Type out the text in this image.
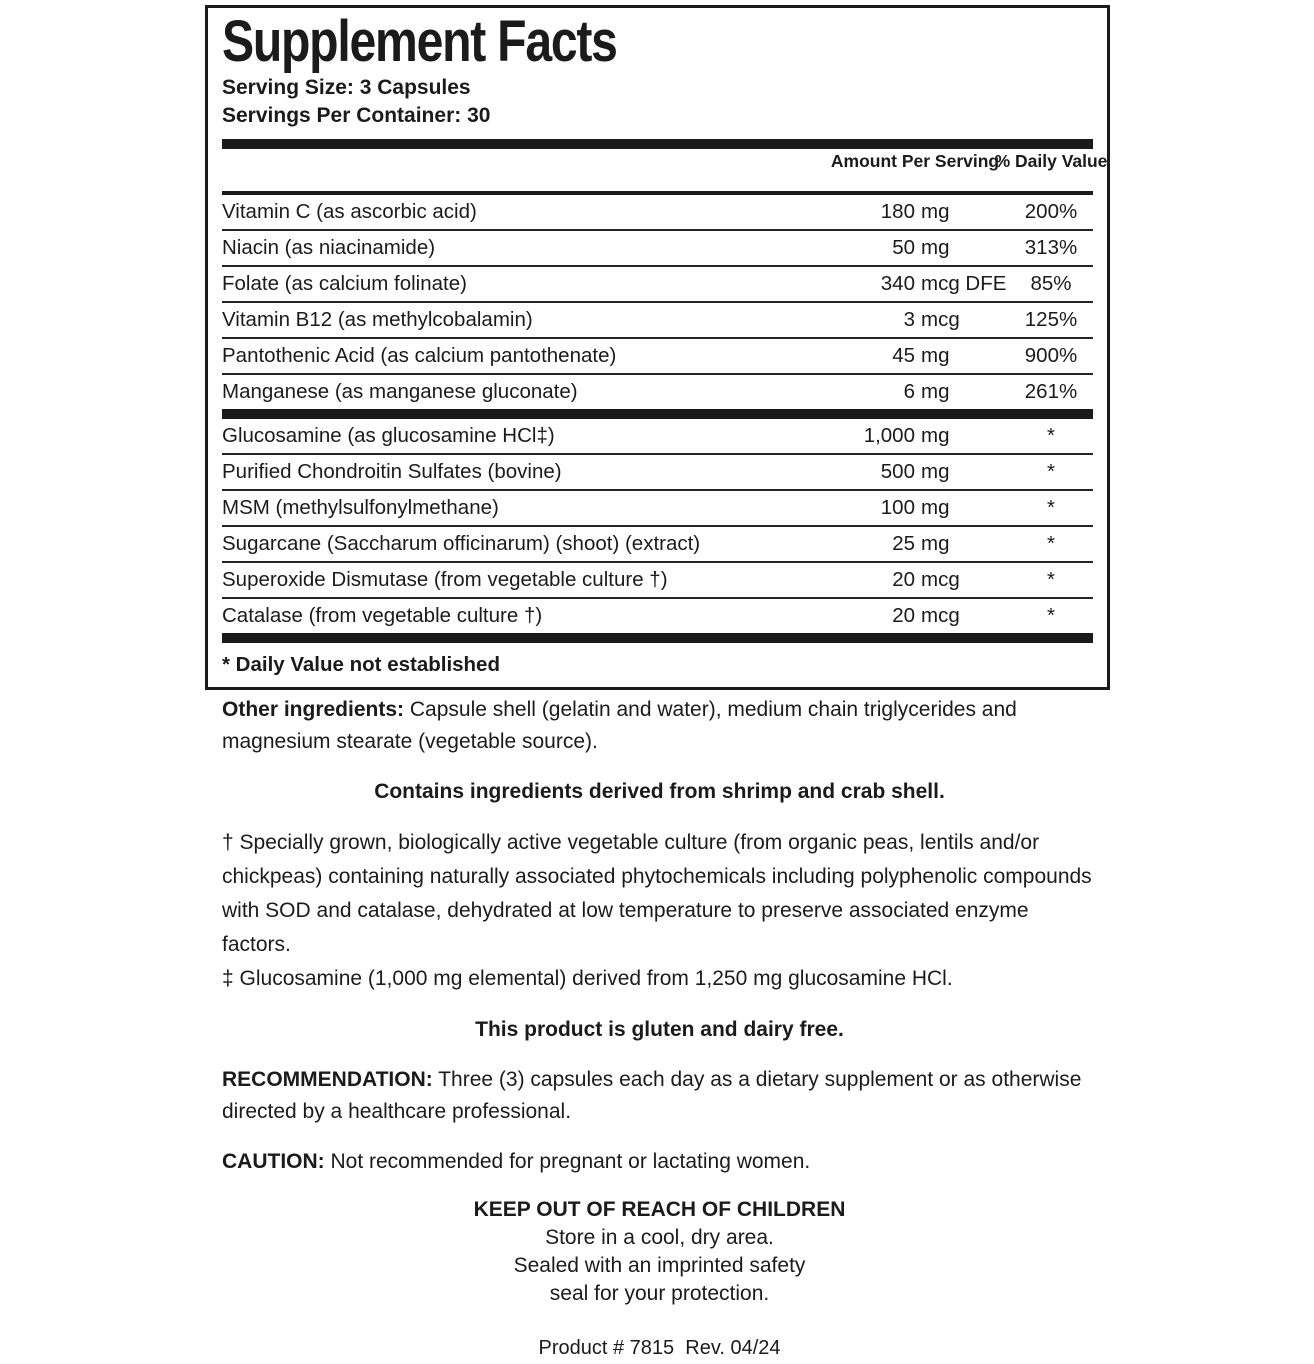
Supplement Facts
Serving Size: 3 Capsules
Servings Per Container: 30
Amount Per Serving
% Daily Value
Vitamin C (as ascorbic acid)	180 mg	200%
Niacin (as niacinamide)	50 mg	313%
Folate (as calcium folinate)	340 mcg DFE	85%
Vitamin B12 (as methylcobalamin)	3 mcg	125%
Pantothenic Acid (as calcium pantothenate)	45 mg	900%
Manganese (as manganese gluconate)	6 mg	261%
Glucosamine (as glucosamine HCl‡)	1,000 mg	*
Purified Chondroitin Sulfates (bovine)	500 mg	*
MSM (methylsulfonylmethane)	100 mg	*
Sugarcane (Saccharum officinarum) (shoot) (extract)	25 mg	*
Superoxide Dismutase (from vegetable culture †)	20 mcg	*
Catalase (from vegetable culture †)	20 mcg	*
* Daily Value not established
Other ingredients: Capsule shell (gelatin and water), medium chain triglycerides and magnesium stearate (vegetable source).
Contains ingredients derived from shrimp and crab shell.
† Specially grown, biologically active vegetable culture (from organic peas, lentils and/or chickpeas) containing naturally associated phytochemicals including polyphenolic compounds with SOD and catalase, dehydrated at low temperature to preserve associated enzyme factors.
‡ Glucosamine (1,000 mg elemental) derived from 1,250 mg glucosamine HCl.
This product is gluten and dairy free.
RECOMMENDATION: Three (3) capsules each day as a dietary supplement or as otherwise directed by a healthcare professional.
CAUTION: Not recommended for pregnant or lactating women.
KEEP OUT OF REACH OF CHILDREN
Store in a cool, dry area.
Sealed with an imprinted safety
seal for your protection.
Product # 7815  Rev. 04/24
